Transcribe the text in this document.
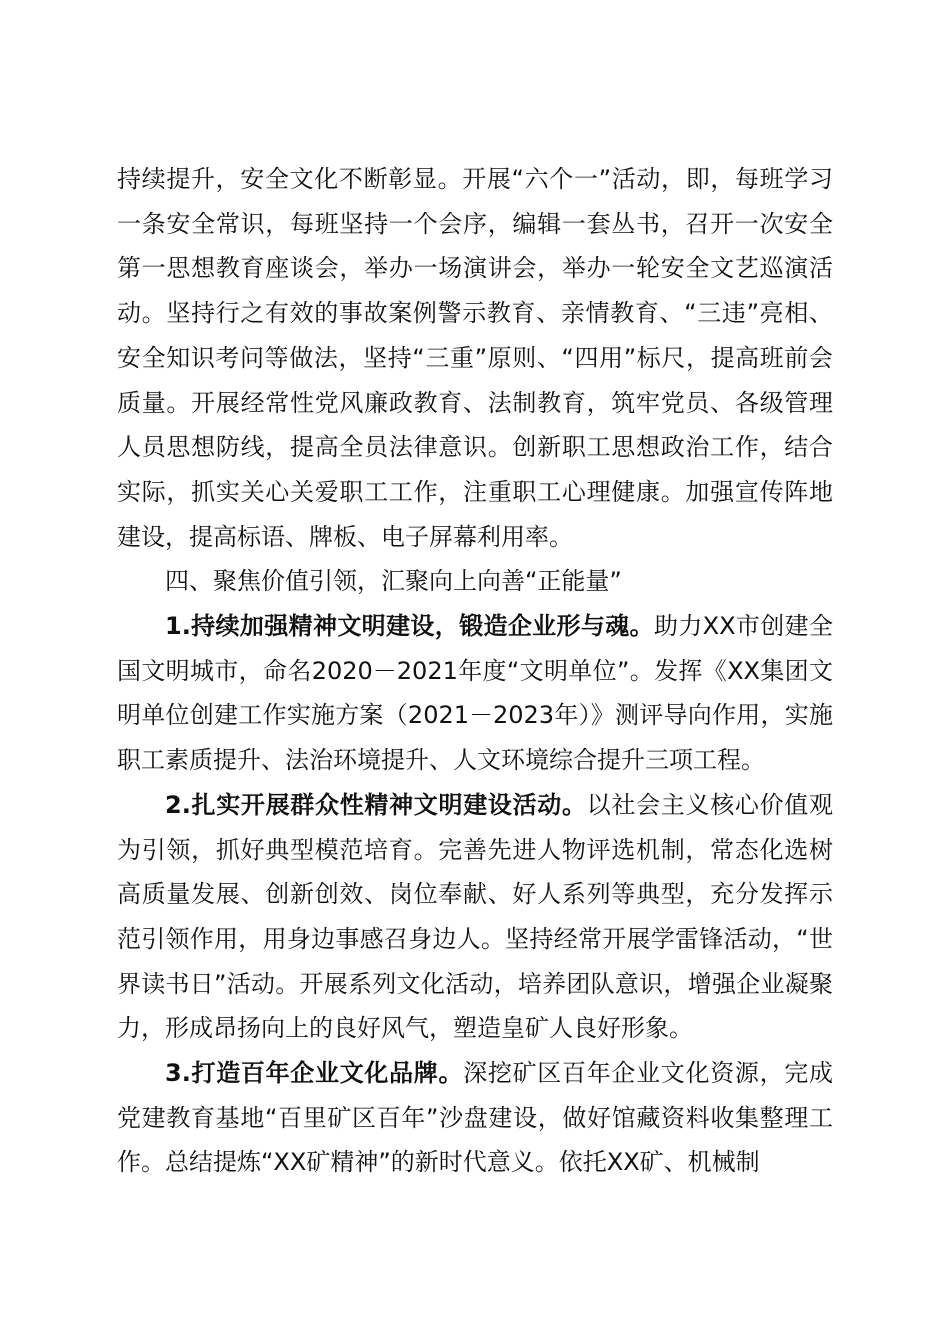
持续提升，安全文化不断彰显。开展“六个一”活动，即，每班学习一条安全常识，每班坚持一个会序，编辑一套丛书，召开一次安全第一思想教育座谈会，举办一场演讲会，举办一轮安全文艺巡演活动。坚持行之有效的事故案例警示教育、亲情教育、“三违”亮相、安全知识考问等做法，坚持“三重”原则、“四用”标尺，提高班前会质量。开展经常性党风廉政教育、法制教育，筑牢党员、各级管理人员思想防线，提高全员法律意识。创新职工思想政治工作，结合实际，抓实关心关爱职工工作，注重职工心理健康。加强宣传阵地建设，提高标语、牌板、电子屏幕利用率。

四、聚焦价值引领，汇聚向上向善“正能量”

1.持续加强精神文明建设，锻造企业形与魂。助力XX市创建全国文明城市，命名2020－2021年度“文明单位”。发挥《XX集团文明单位创建工作实施方案（2021－2023年）》测评导向作用，实施职工素质提升、法治环境提升、人文环境综合提升三项工程。

2.扎实开展群众性精神文明建设活动。以社会主义核心价值观为引领，抓好典型模范培育。完善先进人物评选机制，常态化选树高质量发展、创新创效、岗位奉献、好人系列等典型，充分发挥示范引领作用，用身边事感召身边人。坚持经常开展学雷锋活动，“世界读书日”活动。开展系列文化活动，培养团队意识，增强企业凝聚力，形成昂扬向上的良好风气，塑造皇矿人良好形象。

3.打造百年企业文化品牌。深挖矿区百年企业文化资源，完成党建教育基地“百里矿区百年”沙盘建设，做好馆藏资料收集整理工作。总结提炼“XX矿精神”的新时代意义。依托XX矿、机械制
